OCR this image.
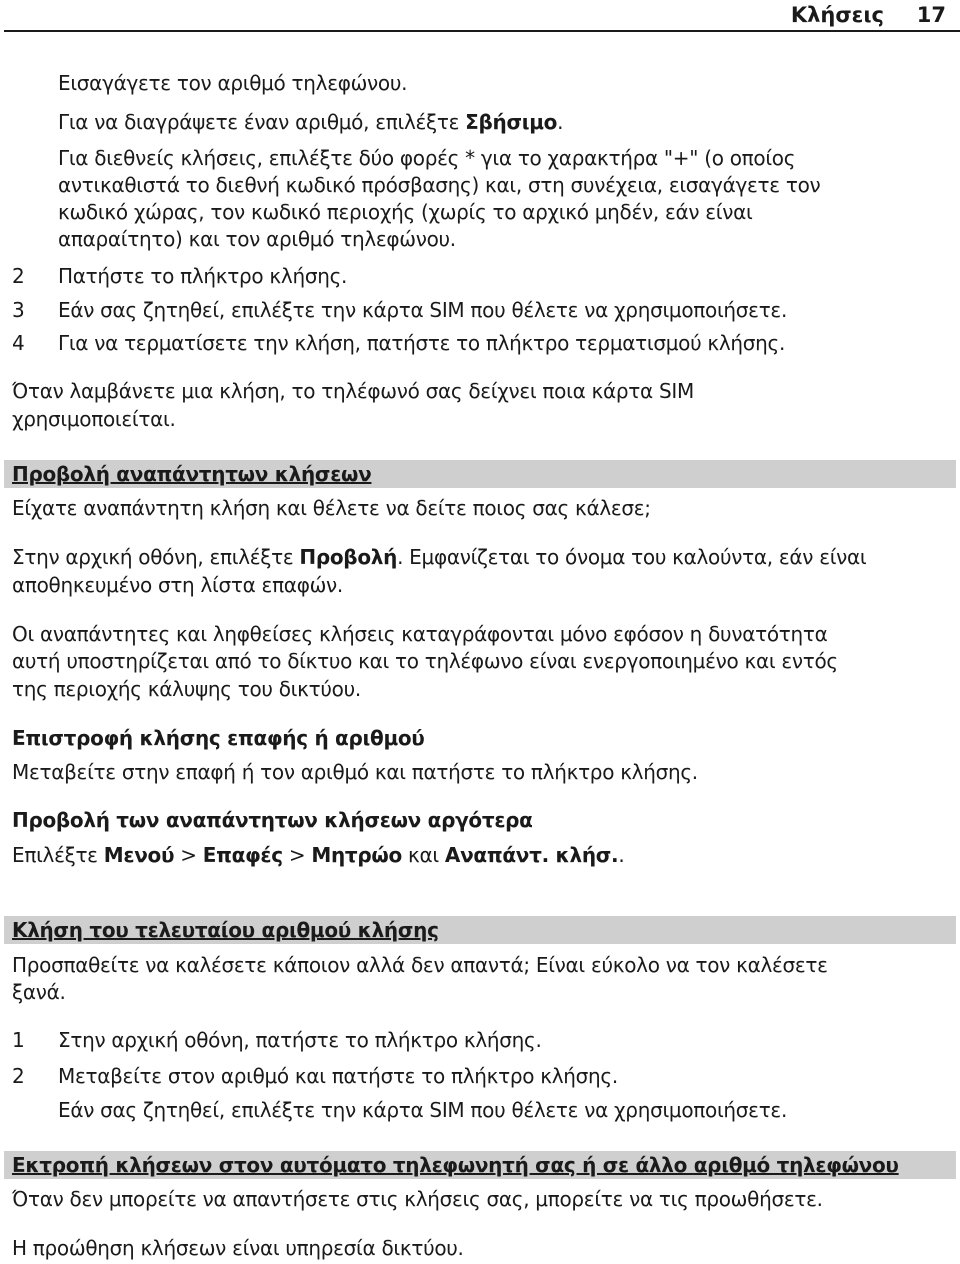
Κλήσεις 17
Εισαγάγετε τον αριθμό τηλεφώνου.
Για να διαγράψετε έναν αριθμό, επιλέξτε Σβήσιμο.
Για διεθνείς κλήσεις, επιλέξτε δύο φορές * για το χαρακτήρα "+" (ο οποίος
αντικαθιστά το διεθνή κωδικό πρόσβασης) και, στη συνέχεια, εισαγάγετε τον
κωδικό χώρας, τον κωδικό περιοχής (χωρίς το αρχικό μηδέν, εάν είναι
απαραίτητο) και τον αριθμό τηλεφώνου.
2 Πατήστε το πλήκτρο κλήσης.
3 Εάν σας ζητηθεί, επιλέξτε την κάρτα SIM που θέλετε να χρησιμοποιήσετε.
4 Για να τερματίσετε την κλήση, πατήστε το πλήκτρο τερματισμού κλήσης.
Όταν λαμβάνετε μια κλήση, το τηλέφωνό σας δείχνει ποια κάρτα SIM
χρησιμοποιείται.
Προβολή αναπάντητων κλήσεων
Είχατε αναπάντητη κλήση και θέλετε να δείτε ποιος σας κάλεσε;
Στην αρχική οθόνη, επιλέξτε Προβολή. Εμφανίζεται το όνομα του καλούντα, εάν είναι
αποθηκευμένο στη λίστα επαφών.
Οι αναπάντητες και ληφθείσες κλήσεις καταγράφονται μόνο εφόσον η δυνατότητα
αυτή υποστηρίζεται από το δίκτυο και το τηλέφωνο είναι ενεργοποιημένο και εντός
της περιοχής κάλυψης του δικτύου.
Επιστροφή κλήσης επαφής ή αριθμού
Μεταβείτε στην επαφή ή τον αριθμό και πατήστε το πλήκτρο κλήσης.
Προβολή των αναπάντητων κλήσεων αργότερα
Επιλέξτε Μενού > Επαφές > Μητρώο και Αναπάντ. κλήσ..
Κλήση του τελευταίου αριθμού κλήσης
Προσπαθείτε να καλέσετε κάποιον αλλά δεν απαντά; Είναι εύκολο να τον καλέσετε
ξανά.
1 Στην αρχική οθόνη, πατήστε το πλήκτρο κλήσης.
2 Μεταβείτε στον αριθμό και πατήστε το πλήκτρο κλήσης.
Εάν σας ζητηθεί, επιλέξτε την κάρτα SIM που θέλετε να χρησιμοποιήσετε.
Εκτροπή κλήσεων στον αυτόματο τηλεφωνητή σας ή σε άλλο αριθμό τηλεφώνου
Όταν δεν μπορείτε να απαντήσετε στις κλήσεις σας, μπορείτε να τις προωθήσετε.
Η προώθηση κλήσεων είναι υπηρεσία δικτύου.
